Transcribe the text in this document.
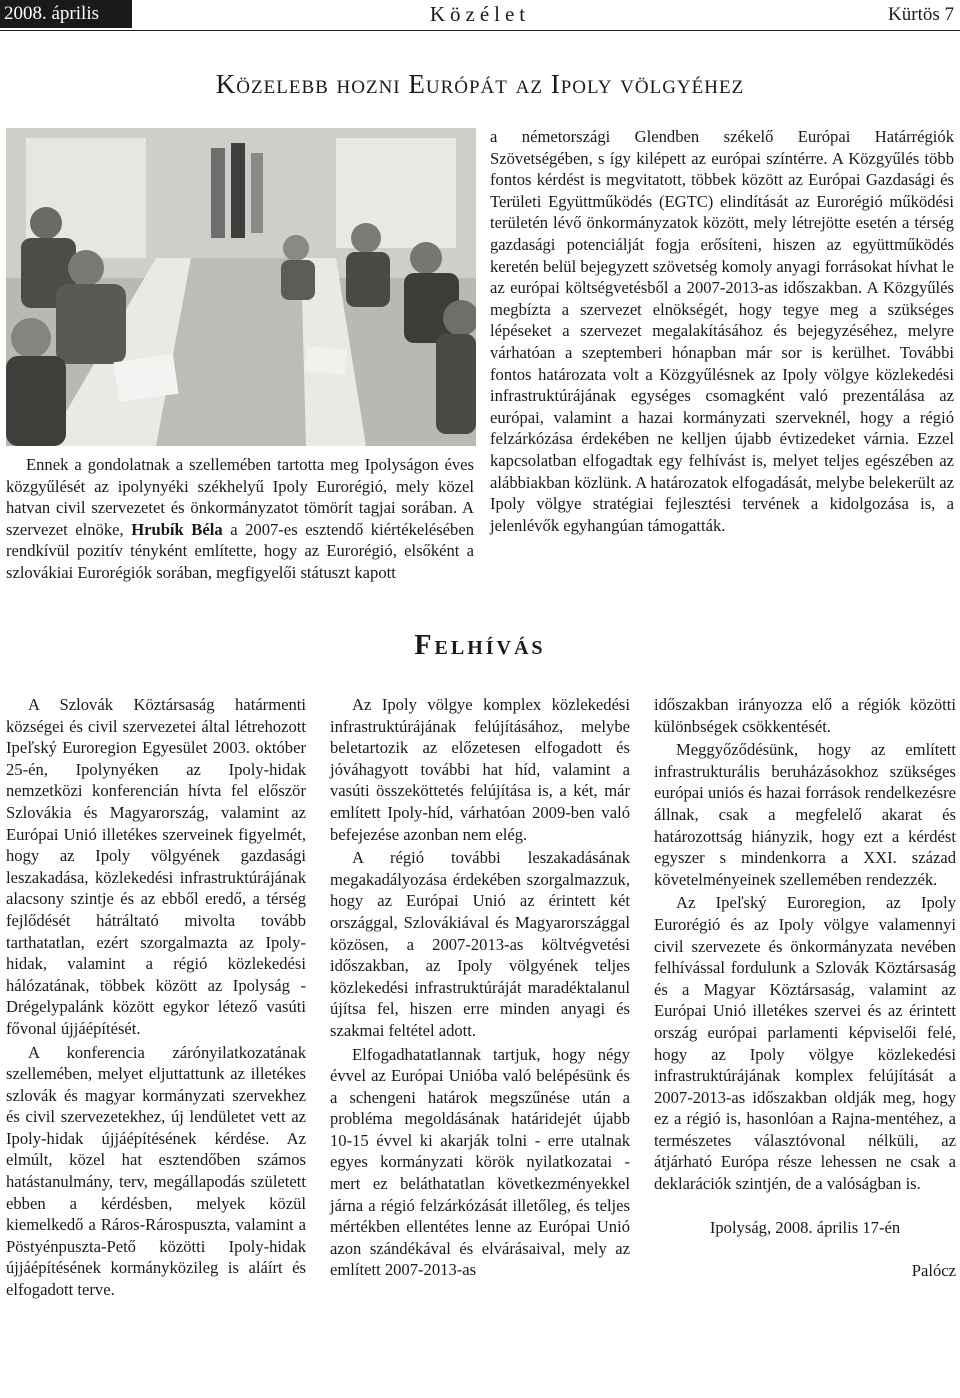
2008. április	Közélet	Kürtös 7
Közelebb hozni Európát az Ipoly völgyéhez

Ennek a gondolatnak a szellemében tartotta meg Ipolyságon éves közgyűlését az ipolynyéki székhelyű Ipoly Eurorégió, mely közel hatvan civil szervezetet és önkormányzatot tömörít tagjai sorában. A szervezet elnöke, Hrubík Béla a 2007-es esztendő kiértékelésében rendkívül pozitív tényként említette, hogy az Eurorégió, elsőként a szlovákiai Eurorégiók sorában, megfigyelői státuszt kapott

a németországi Glendben székelő Európai Határrégiók Szövetségében, s így kilépett az európai színtérre. A Közgyűlés több fontos kérdést is megvitatott, többek között az Európai Gazdasági és Területi Együttműködés (EGTC) elindítását az Eurorégió működési területén lévő önkormányzatok között, mely létrejötte esetén a térség gazdasági potenciálját fogja erősíteni, hiszen az együttműködés keretén belül bejegyzett szövetség komoly anyagi forrásokat hívhat le az európai költségvetésből a 2007-2013-as időszakban. A Közgyűlés megbízta a szervezet elnökségét, hogy tegye meg a szükséges lépéseket a szervezet megalakításához és bejegyzéséhez, melyre várhatóan a szeptemberi hónapban már sor is kerülhet. További fontos határozata volt a Közgyűlésnek az Ipoly völgye közlekedési infrastruktúrájának egységes csomagként való prezentálása az európai, valamint a hazai kormányzati szerveknél, hogy a régió felzárkózása érdekében ne kelljen újabb évtizedeket várnia. Ezzel kapcsolatban elfogadtak egy felhívást is, melyet teljes egészében az alábbiakban közlünk. A határozatok elfogadását, melybe belekerült az Ipoly völgye stratégiai fejlesztési tervének a kidolgozása is, a jelenlévők egyhangúan támogatták.

Felhívás

A Szlovák Köztársaság határmenti községei és civil szervezetei által létrehozott Ipeľský Euroregion Egyesület 2003. október 25-én, Ipolynyéken az Ipoly-hidak nemzetközi konferencián hívta fel először Szlovákia és Magyarország, valamint az Európai Unió illetékes szerveinek figyelmét, hogy az Ipoly völgyének gazdasági leszakadása, közlekedési infrastruktúrájának alacsony szintje és az ebből eredő, a térség fejlődését hátráltató mivolta tovább tarthatatlan, ezért szorgalmazta az Ipoly-hidak, valamint a régió közlekedési hálózatának, többek között az Ipolyság - Drégelypalánk között egykor létező vasúti fővonal újjáépítését.

A konferencia zárónyilatkozatának szellemében, melyet eljuttattunk az illetékes szlovák és magyar kormányzati szervekhez és civil szervezetekhez, új lendületet vett az Ipoly-hidak újjáépítésének kérdése. Az elmúlt, közel hat esztendőben számos hatástanulmány, terv, megállapodás született ebben a kérdésben, melyek közül kiemelkedő a Ráros-Rárospuszta, valamint a Pöstyénpuszta-Pető közötti Ipoly-hidak újjáépítésének kormányközileg is aláírt és elfogadott terve.

Az Ipoly völgye komplex közlekedési infrastruktúrájának felújításához, melybe beletartozik az előzetesen elfogadott és jóváhagyott további hat híd, valamint a vasúti összeköttetés felújítása is, a két, már említett Ipoly-híd, várhatóan 2009-ben való befejezése azonban nem elég.

A régió további leszakadásának megakadályozása érdekében szorgalmazzuk, hogy az Európai Unió az érintett két országgal, Szlovákiával és Magyarországgal közösen, a 2007-2013-as költvégvetési időszakban, az Ipoly völgyének teljes közlekedési infrastruktúráját maradéktalanul újítsa fel, hiszen erre minden anyagi és szakmai feltétel adott.

Elfogadhatatlannak tartjuk, hogy négy évvel az Európai Unióba való belépésünk és a schengeni határok megszűnése után a probléma megoldásának határidejét újabb 10-15 évvel ki akarják tolni - erre utalnak egyes kormányzati körök nyilatkozatai - mert ez beláthatatlan következményekkel járna a régió felzárkózását illetőleg, és teljes mértékben ellentétes lenne az Európai Unió azon szándékával és elvárásaival, mely az említett 2007-2013-as

időszakban irányozza elő a régiók közötti különbségek csökkentését.

Meggyőződésünk, hogy az említett infrastrukturális beruházásokhoz szükséges európai uniós és hazai források rendelkezésre állnak, csak a megfelelő akarat és határozottság hiányzik, hogy ezt a kérdést egyszer s mindenkorra a XXI. század követelményeinek szellemében rendezzék.

Az Ipeľský Euroregion, az Ipoly Eurorégió és az Ipoly völgye valamennyi civil szervezete és önkormányzata nevében felhívással fordulunk a Szlovák Köztársaság és a Magyar Köztársaság, valamint az Európai Unió illetékes szervei és az érintett ország európai parlamenti képviselői felé, hogy az Ipoly völgye közlekedési infrastruktúrájának komplex felújítását a 2007-2013-as időszakban oldják meg, hogy ez a régió is, hasonlóan a Rajna-mentéhez, a természetes választóvonal nélküli, az átjárható Európa része lehessen ne csak a deklarációk szintjén, de a valóságban is.

Ipolyság, 2008. április 17-én

Palócz
